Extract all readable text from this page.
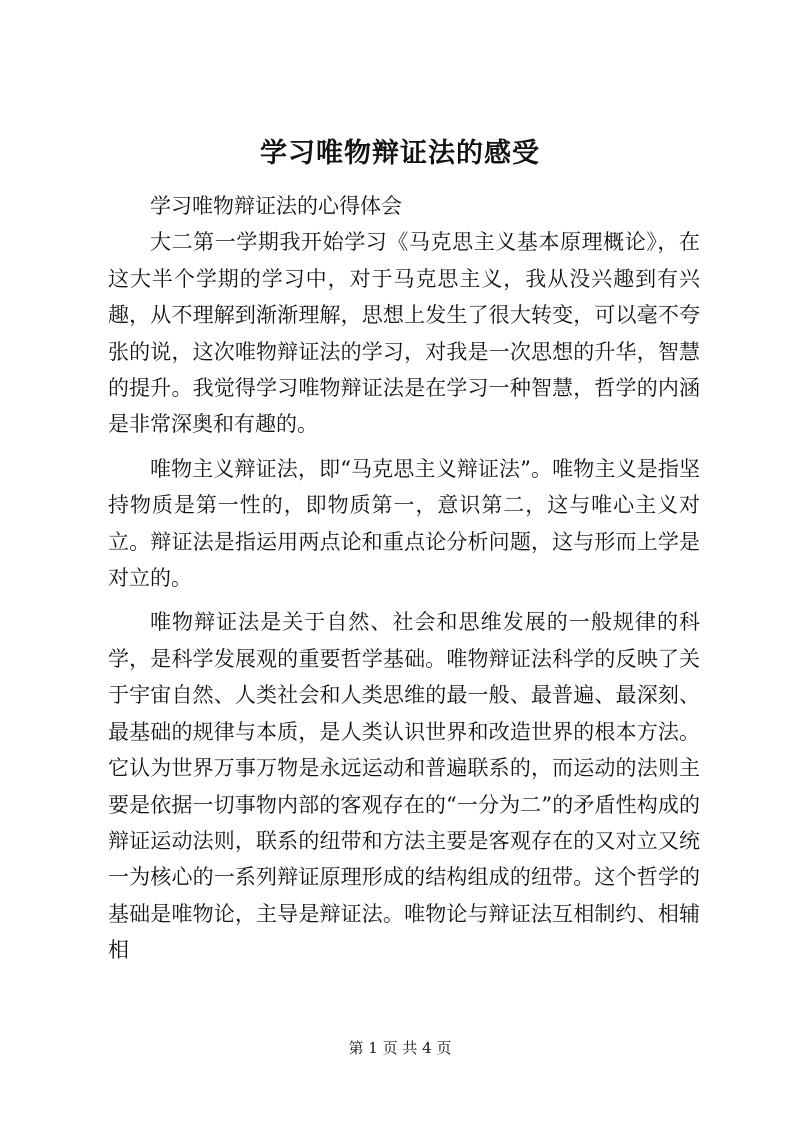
学习唯物辩证法的感受

学习唯物辩证法的心得体会

大二第一学期我开始学习《马克思主义基本原理概论》，在这大半个学期的学习中，对于马克思主义，我从没兴趣到有兴趣，从不理解到渐渐理解，思想上发生了很大转变，可以毫不夸张的说，这次唯物辩证法的学习，对我是一次思想的升华，智慧的提升。我觉得学习唯物辩证法是在学习一种智慧，哲学的内涵是非常深奥和有趣的。

唯物主义辩证法，即“马克思主义辩证法”。唯物主义是指坚持物质是第一性的，即物质第一，意识第二，这与唯心主义对立。辩证法是指运用两点论和重点论分析问题，这与形而上学是对立的。

唯物辩证法是关于自然、社会和思维发展的一般规律的科学，是科学发展观的重要哲学基础。唯物辩证法科学的反映了关于宇宙自然、人类社会和人类思维的最一般、最普遍、最深刻、最基础的规律与本质，是人类认识世界和改造世界的根本方法。它认为世界万事万物是永远运动和普遍联系的，而运动的法则主要是依据一切事物内部的客观存在的“一分为二”的矛盾性构成的辩证运动法则，联系的纽带和方法主要是客观存在的又对立又统一为核心的一系列辩证原理形成的结构组成的纽带。这个哲学的基础是唯物论，主导是辩证法。唯物论与辩证法互相制约、相辅相

第 1 页 共 4 页
